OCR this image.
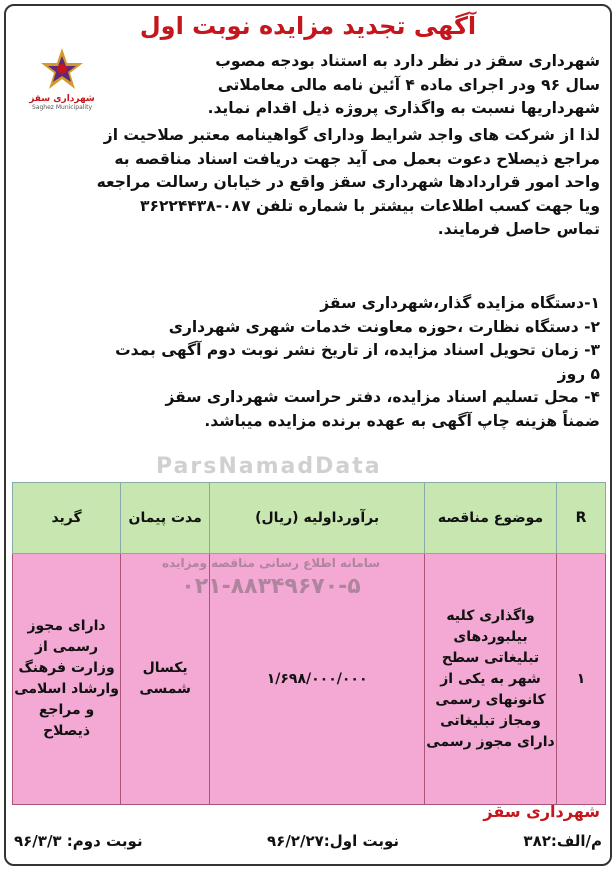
آگهی تجدید مزایده نوبت اول
شهرداری سقز
Saghez Municipality
شهرداری سقز در نظر دارد به استناد بودجه مصوب
سال ۹۶ ودر اجرای ماده ۴ آئین نامه مالی معاملاتی
شهرداریها نسبت به واگذاری پروژه ذیل اقدام نماید.
لذا از شرکت های واجد شرایط ودارای گواهینامه معتبر صلاحیت از
مراجع ذیصلاح دعوت بعمل می آید جهت دریافت اسناد مناقصه به
واحد امور قراردادها شهرداری سقز واقع در خیابان رسالت مراجعه
ویا جهت کسب اطلاعات بیشتر با شماره تلفن ۰۸۷-۳۶۲۲۴۴۳۸
تماس حاصل فرمایند.
۱-دستگاه مزایده گذار،شهرداری سقز
۲- دستگاه نظارت ،حوزه معاونت خدمات شهری شهرداری
۳- زمان تحویل اسناد مزایده، از تاریخ نشر نوبت دوم آگهی بمدت
۵ روز
۴- محل تسلیم اسناد مزایده، دفتر حراست شهرداری سقز
ضمناً هزینه چاپ آگهی به عهده برنده مزایده میباشد.
ParsNamadData
R	موضوع مناقصه	برآورداولیه (ریال)	مدت پیمان	گرید
۱	واگذاری کلیه بیلبوردهای تبلیغاتی سطح شهر به یکی از کانونهای رسمی ومجاز تبلیغاتی دارای مجوز رسمی	۱/۶۹۸/۰۰۰/۰۰۰	یکسال شمسی	دارای مجوز رسمی از وزارت فرهنگ وارشاد اسلامی و مراجع ذیصلاح
سامانه اطلاع رسانی مناقصه ومزایده
۰۲۱-۸۸۳۴۹۶۷۰-۵
شهرداری سقز
م/الف:۳۸۲
نوبت اول:۹۶/۲/۲۷
نوبت دوم: ۹۶/۳/۳
